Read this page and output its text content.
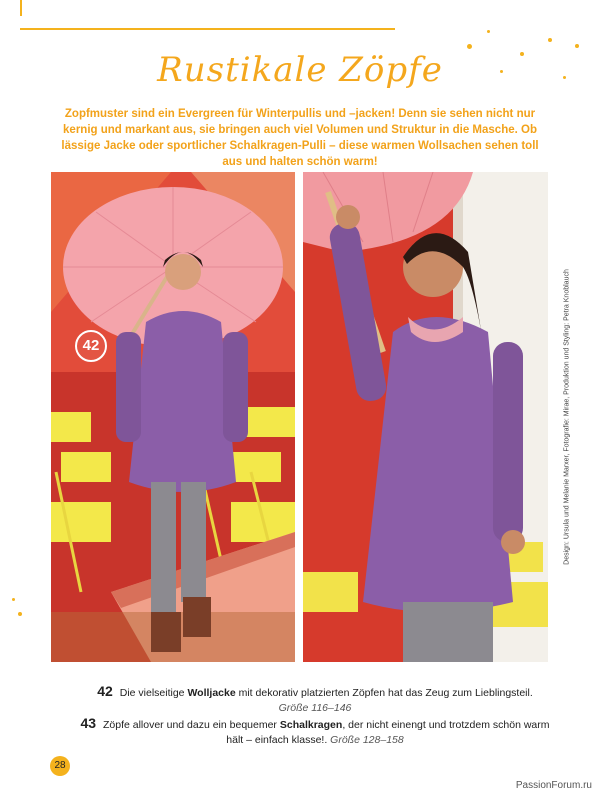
Rustikale Zöpfe
Zopfmuster sind ein Evergreen für Winterpullis und –jacken! Denn sie sehen nicht nur kernig und markant aus, sie bringen auch viel Volumen und Struktur in die Masche. Ob lässige Jacke oder sportlicher Schalkragen-Pulli – diese warmen Wollsachen sehen toll aus und halten schön warm!
42	Design: Ursula und Melanie Marxer, Fotografie: Mirae, Produktion und Styling: Petra Knoblauch
42 Die vielseitige Wolljacke mit dekorativ platzierten Zöpfen hat das Zeug zum Lieblingsteil.
Größe 116–146
43 Zöpfe allover und dazu ein bequemer Schalkragen, der nicht einengt und trotzdem schön warm hält – einfach klasse!. Größe 128–158
28
PassionForum.ru
